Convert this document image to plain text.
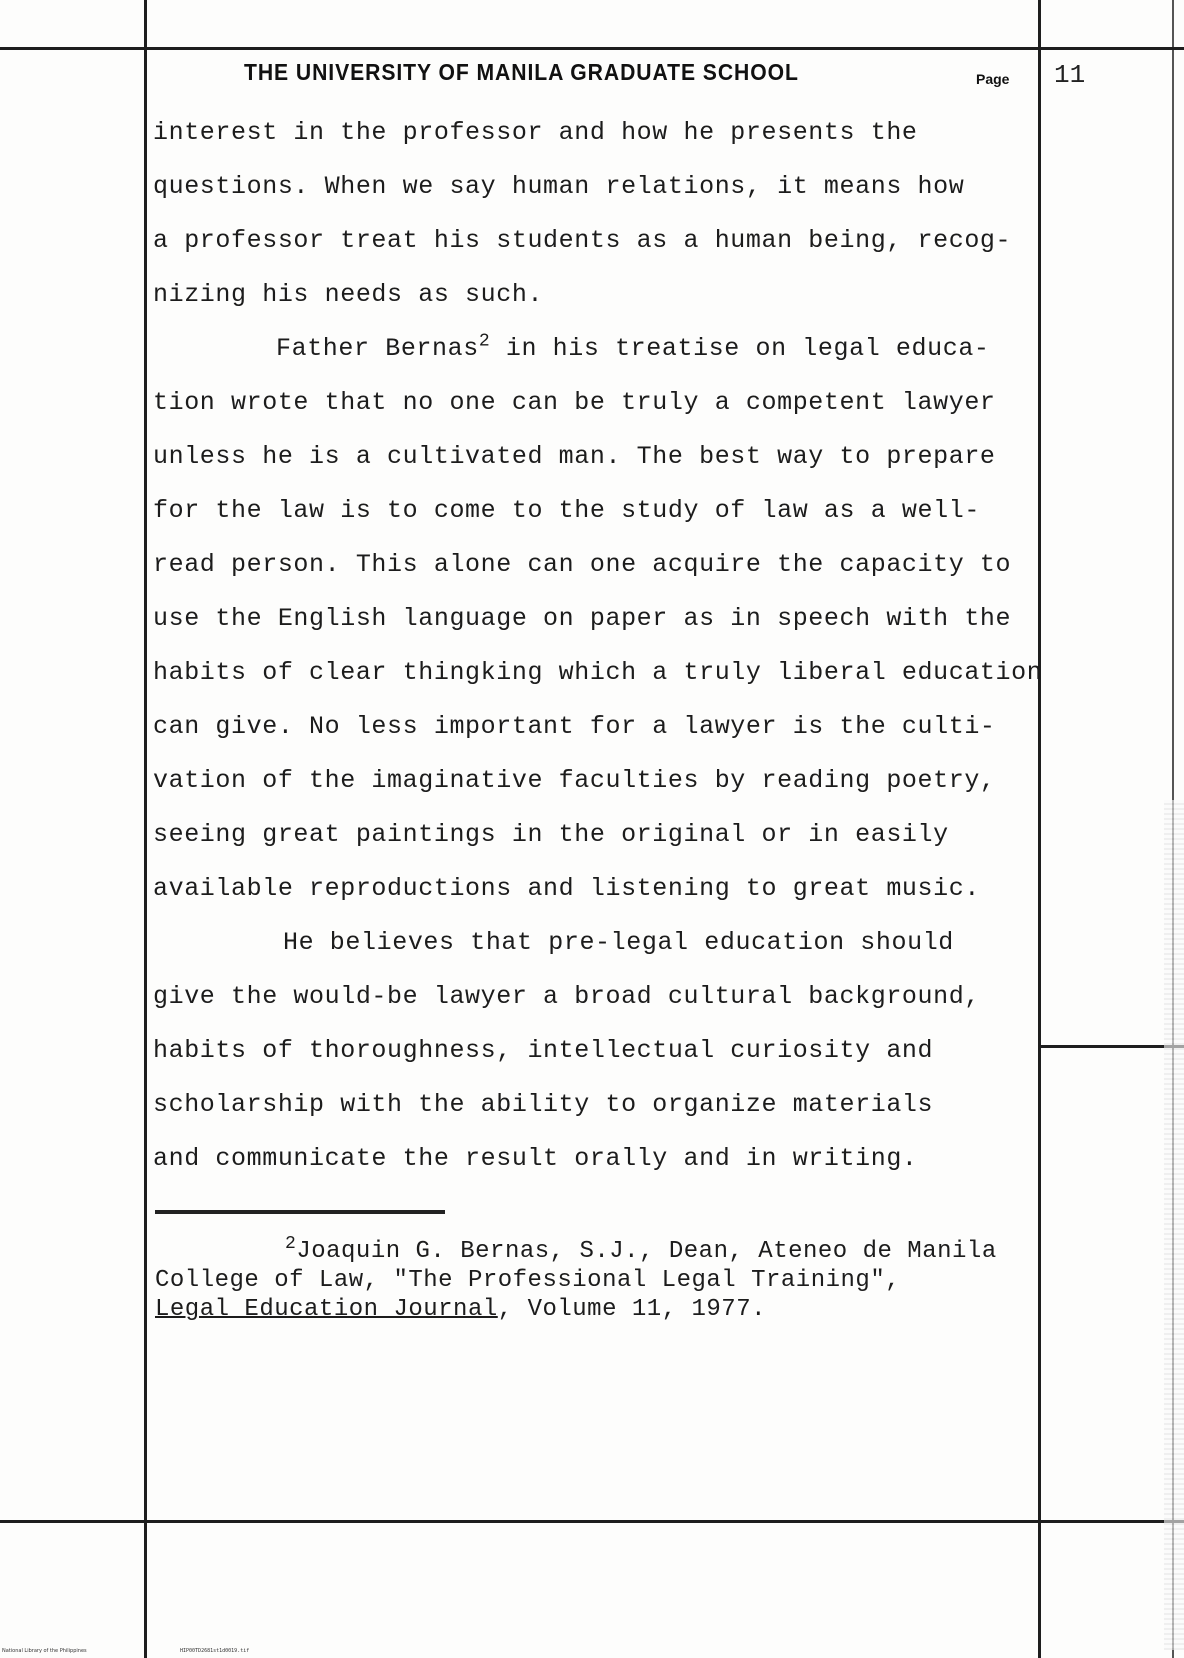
THE UNIVERSITY OF MANILA GRADUATE SCHOOL	Page 11
interest in the professor and how he presents the
questions. When we say human relations, it means how
a professor treat his students as a human being, recog-
nizing his needs as such.
Father Bernas$^2$ in his treatise on legal educa-
tion wrote that no one can be truly a competent lawyer
unless he is a cultivated man. The best way to prepare
for the law is to come to the study of law as a well-
read person. This alone can one acquire the capacity to
use the English language on paper as in speech with the
habits of clear thingking which a truly liberal education
can give. No less important for a lawyer is the culti-
vation of the imaginative faculties by reading poetry,
seeing great paintings in the original or in easily
available reproductions and listening to great music.
He believes that pre-legal education should
give the would-be lawyer a broad cultural background,
habits of thoroughness, intellectual curiosity and
scholarship with the ability to organize materials
and communicate the result orally and in writing.
$^2$Joaquin G. Bernas, S.J., Dean, Ateneo de Manila
College of Law, "The Professional Legal Training",
Legal Education Journal, Volume 11, 1977.
National Library of the Philippines	HIP00TD2681st1d0019.tif
